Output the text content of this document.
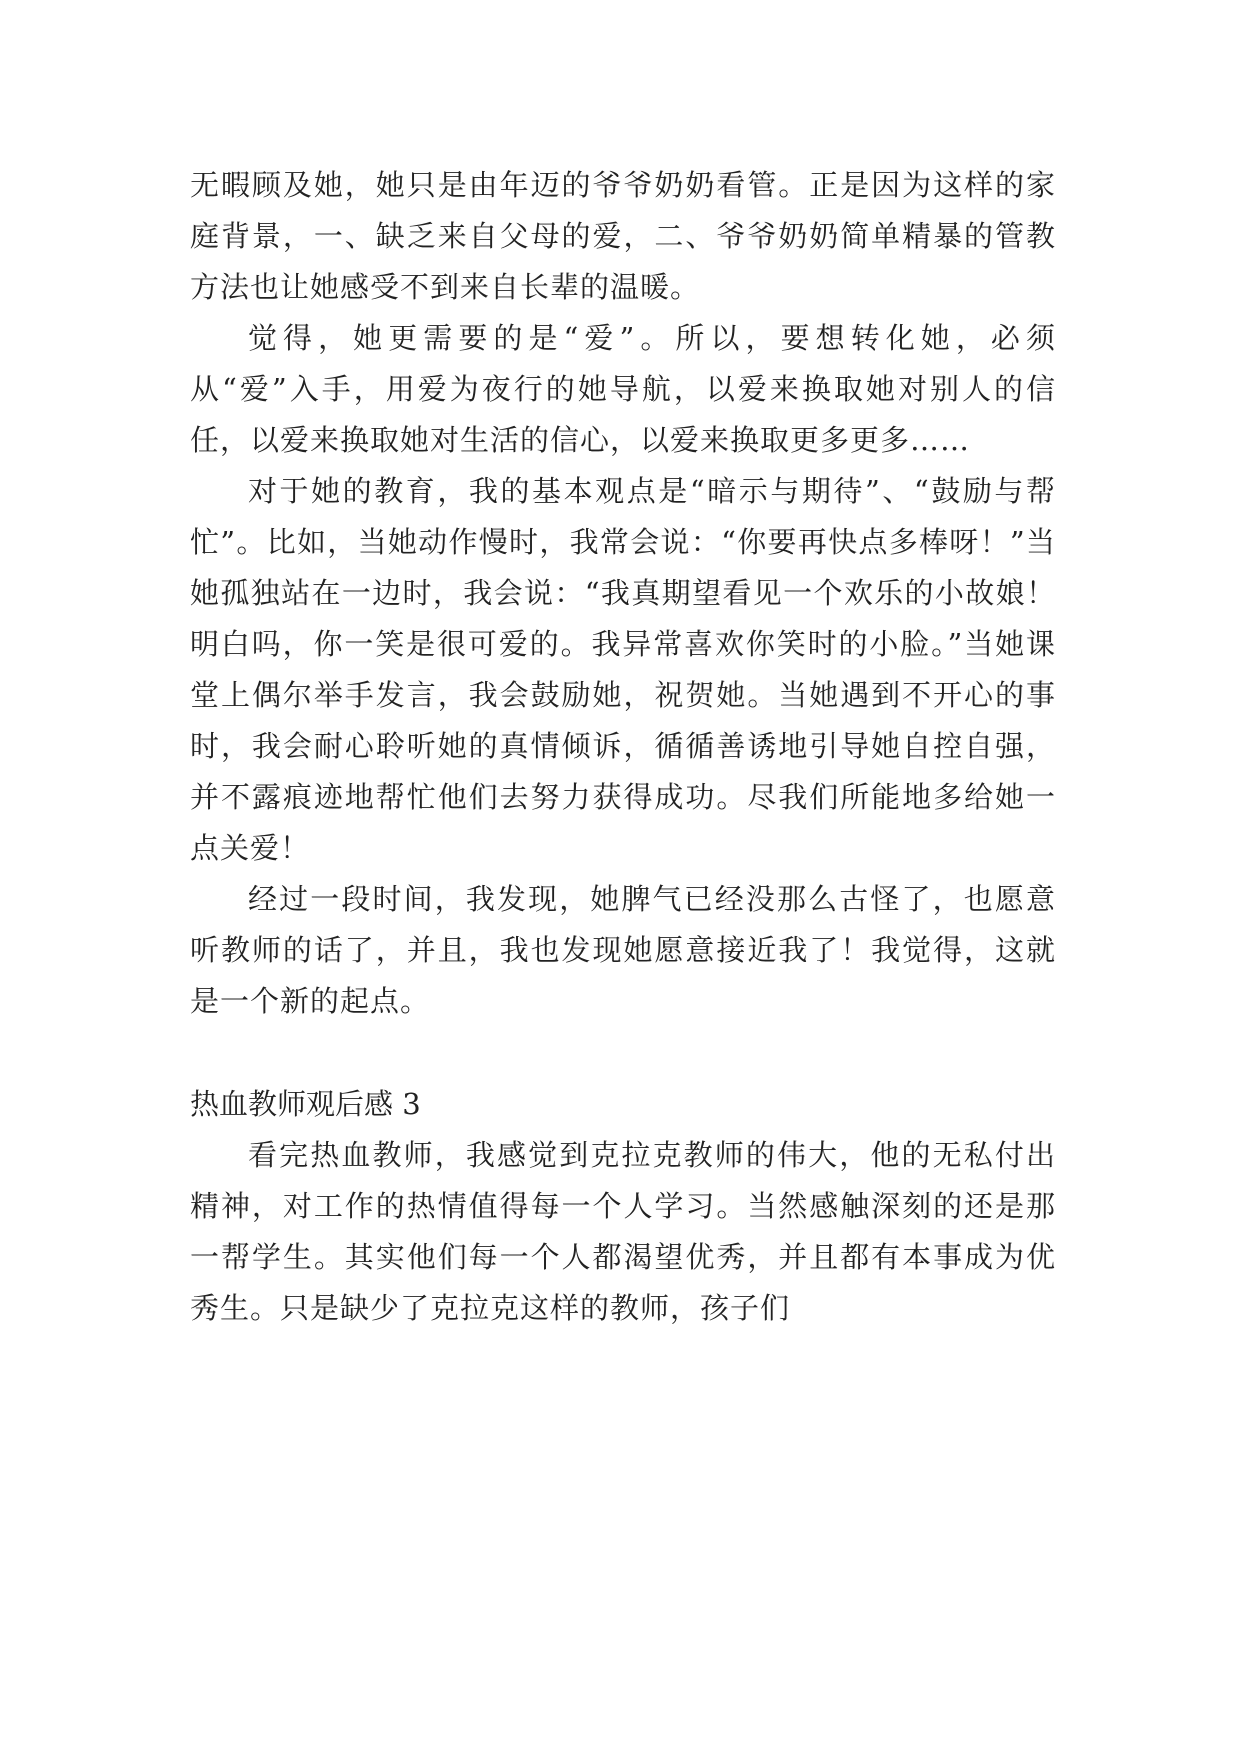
无暇顾及她，她只是由年迈的爷爷奶奶看管。正是因为这样的家庭背景，一、缺乏来自父母的爱，二、爷爷奶奶简单精暴的管教方法也让她感受不到来自长辈的温暖。

觉得，她更需要的是“爱”。所以，要想转化她，必须从“爱”入手，用爱为夜行的她导航，以爱来换取她对别人的信任，以爱来换取她对生活的信心，以爱来换取更多更多……

对于她的教育，我的基本观点是“暗示与期待”、“鼓励与帮忙”。比如，当她动作慢时，我常会说：“你要再快点多棒呀！”当她孤独站在一边时，我会说：“我真期望看见一个欢乐的小故娘！明白吗，你一笑是很可爱的。我异常喜欢你笑时的小脸。”当她课堂上偶尔举手发言，我会鼓励她，祝贺她。当她遇到不开心的事时，我会耐心聆听她的真情倾诉，循循善诱地引导她自控自强，并不露痕迹地帮忙他们去努力获得成功。尽我们所能地多给她一点关爱！

经过一段时间，我发现，她脾气已经没那么古怪了，也愿意听教师的话了，并且，我也发现她愿意接近我了！我觉得，这就是一个新的起点。

热血教师观后感 3

看完热血教师，我感觉到克拉克教师的伟大，他的无私付出精神，对工作的热情值得每一个人学习。当然感触深刻的还是那一帮学生。其实他们每一个人都渴望优秀，并且都有本事成为优秀生。只是缺少了克拉克这样的教师，孩子们
